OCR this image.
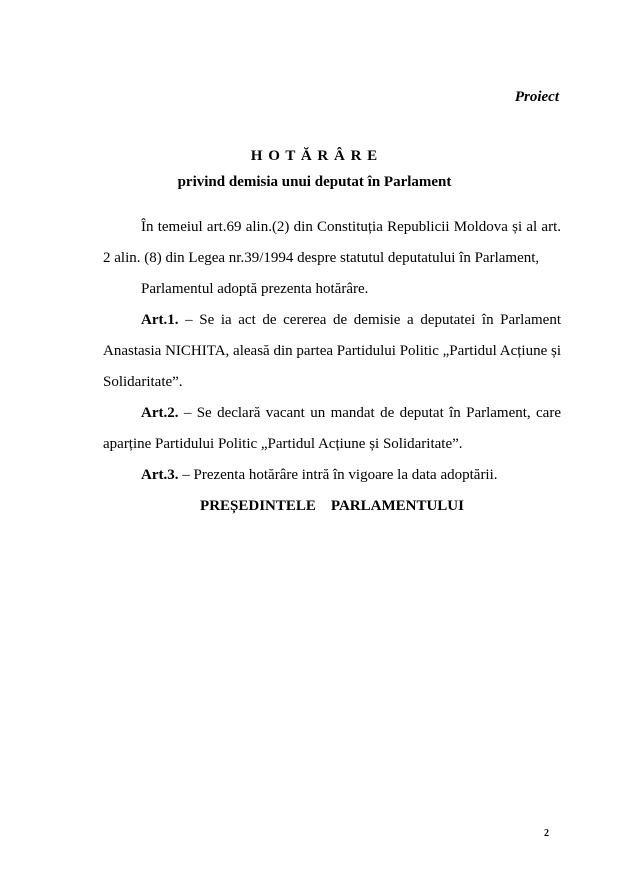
Proiect
H O T Ă R Â R E
privind demisia unui deputat în Parlament

În temeiul art.69 alin.(2) din Constituția Republicii Moldova și al art. 2 alin. (8) din Legea nr.39/1994 despre statutul deputatului în Parlament,

Parlamentul adoptă prezenta hotărâre.

Art.1. – Se ia act de cererea de demisie a deputatei în Parlament Anastasia NICHITA, aleasă din partea Partidului Politic „Partidul Acțiune și Solidaritate”.

Art.2. – Se declară vacant un mandat de deputat în Parlament, care aparține Partidului Politic „Partidul Acțiune și Solidaritate”.

Art.3. – Prezenta hotărâre intră în vigoare la data adoptării.

PREȘEDINTELE    PARLAMENTULUI

2
